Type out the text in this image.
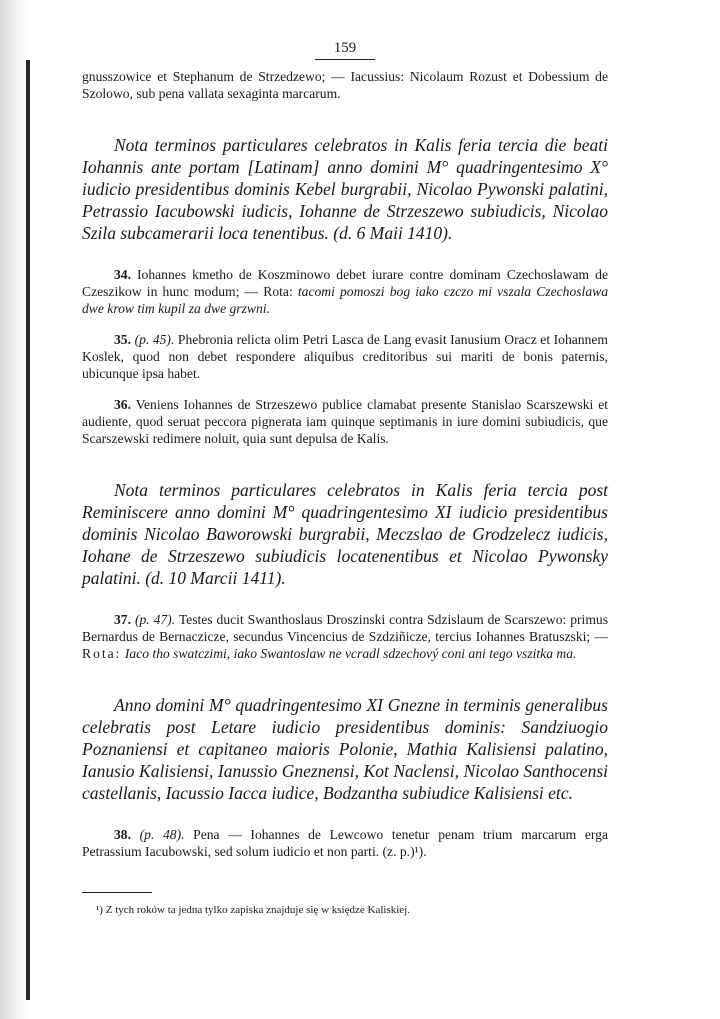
159

gnusszowice et Stephanum de Strzedzewo; — Iacussius: Nicolaum Rozust et Dobessium de Szolowo, sub pena vallata sexaginta marcarum.

Nota terminos particulares celebratos in Kalis feria tercia die beati Iohannis ante portam [Latinam] anno domini M° quadringentesimo X° iudicio presidentibus dominis Kebel burgrabii, Nicolao Pywonski palatini, Petrassio Iacubowski iudicis, Iohanne de Strzeszewo subiudicis, Nicolao Szila subcamerarii loca tenentibus. (d. 6 Maii 1410).

34. Iohannes kmetho de Koszminowo debet iurare contre dominam Czechoslawam de Czeszikow in hunc modum; — Rota: tacomi pomoszi bog iako czczo mi vszala Czechoslawa dwe krow tim kupil za dwe grzwni.

35. (p. 45). Phebronia relicta olim Petri Lasca de Lang evasit Ianusium Oracz et Iohannem Koslek, quod non debet respondere aliquibus creditoribus sui mariti de bonis paternis, ubicunque ipsa habet.

36. Veniens Iohannes de Strzeszewo publice clamabat presente Stanislao Scarszewski et audiente, quod seruat peccora pignerata iam quinque septimanis in iure domini subiudicis, que Scarszewski redimere noluit, quia sunt depulsa de Kalis.

Nota terminos particulares celebratos in Kalis feria tercia post Reminiscere anno domini M° quadringentesimo XI iudicio presidentibus dominis Nicolao Baworowski burgrabii, Meczslao de Grodzelecz iudicis, Iohane de Strzeszewo subiudicis locatenentibus et Nicolao Pywonsky palatini. (d. 10 Marcii 1411).

37. (p. 47). Testes ducit Swanthoslaus Droszinski contra Sdzislaum de Scarszewo: primus Bernardus de Bernaczicze, secundus Vincencius de Szdziñicze, tercius Iohannes Bratuszski; — Rota: Iaco tho swatczimi, iako Swantoslaw ne vcradl sdzechový coni ani tego vszitka ma.

Anno domini M° quadringentesimo XI Gnezne in terminis generalibus celebratis post Letare iudicio presidentibus dominis: Sandziuogio Poznaniensi et capitaneo maioris Polonie, Mathia Kalisiensi palatino, Ianusio Kalisiensi, Ianussio Gneznensi, Kot Naclensi, Nicolao Santhocensi castellanis, Iacussio Iacca iudice, Bodzantha subiudice Kalisiensi etc.

38. (p. 48). Pena — Iohannes de Lewcowo tenetur penam trium marcarum erga Petrassium Iacubowski, sed solum iudicio et non parti. (z. p.)¹).

¹) Z tych roków ta jedna tylko zapiska znajduje się w księdze Kaliskiej.
